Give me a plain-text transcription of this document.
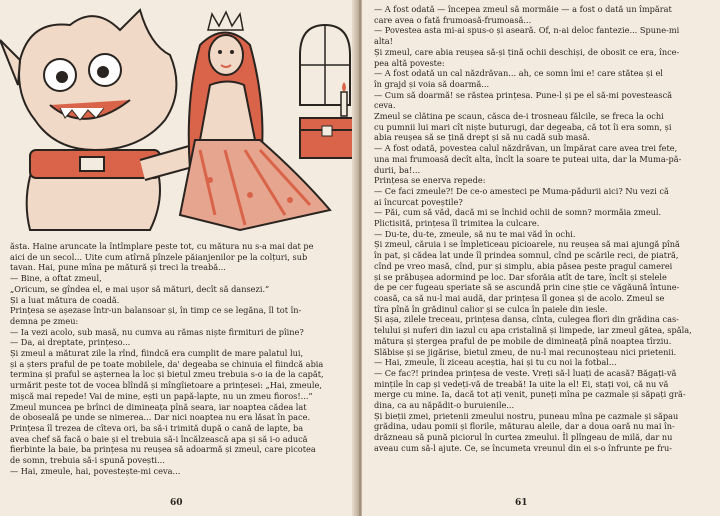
ăsta. Haine aruncate la întîmplare peste tot, cu mătura nu s-a mai dat pe

aici de un secol... Uite cum atîrnă pînzele păianjenilor pe la colțuri, sub

tavan. Hai, pune mîna pe mătură și treci la treabă...

— Bine, a oftat zmeul,

„Oricum, se gîndea el, e mai ușor să mături, decît să dansezi.”

Și a luat mătura de coadă.

Prințesa se așezase într-un balansoar și, în timp ce se legăna, îl tot în-

demna pe zmeu:

— Ia vezi acolo, sub masă, nu cumva au rămas niște firmituri de pîine?

— Da, ai dreptate, prințeso...

Și zmeul a măturat zile la rînd, fiindcă era cumplit de mare palatul lui,

și a șters praful de pe toate mobilele, da' degeaba se chinuia el fiindcă abia

termina și praful se așternea la loc și bietul zmeu trebuia s-o ia de la capăt,

urmărit peste tot de vocea blîndă și mîngîietoare a prințesei: „Hai, zmeule,

mișcă mai repede! Vai de mine, ești un papă-lapte, nu un zmeu fioros!...”

Zmeul muncea pe brînci de dimineața pînă seara, iar noaptea cădea lat

de oboseală pe unde se nimerea... Dar nici noaptea nu era lăsat în pace.

Prințesa îl trezea de cîteva ori, ba să-i trimită după o cană de lapte, ba

avea chef să facă o baie și el trebuia să-i încălzească apa și să i-o aducă

fierbinte la baie, ba prințesa nu reușea să adoarmă și zmeul, care picotea

de somn, trebuia să-i spună povești...

— Hai, zmeule, hai, povestește-mi ceva...

60

— A fost odată — începea zmeul să mormăie — a fost o dată un împărat

care avea o fată frumoasă-frumoasă...

— Povestea asta mi-ai spus-o și aseară. Of, n-ai deloc fantezie... Spune-mi

alta!

Și zmeul, care abia reușea să-și țină ochii deschiși, de obosit ce era, înce-

pea altă poveste:

— A fost odată un cal năzdrăvan... ah, ce somn îmi e! care stătea și el

în grajd și voia să doarmă...

— Cum să doarmă! se răstea prințesa. Pune-l și pe el să-mi povestească

ceva.

Zmeul se clătina pe scaun, căsca de-i trosneau fălcile, se freca la ochi

cu pumnii lui mari cît niște buturugi, dar degeaba, că tot îi era somn, și

abia reușea să se țină drept și să nu cadă sub masă.

— A fost odată, povestea calul năzdrăvan, un împărat care avea trei fete,

una mai frumoasă decît alta, încît la soare te puteai uita, dar la Muma-pă-

durii, ba!...

Prințesa se enerva repede:

— Ce faci zmeule?! De ce-o amesteci pe Muma-pădurii aici? Nu vezi că

ai încurcat poveștile?

— Păi, cum să văd, dacă mi se închid ochii de somn? mormăia zmeul.

Plictisită, prințesa îl trimitea la culcare.

— Du-te, du-te, zmeule, să nu te mai văd în ochi.

Și zmeul, căruia i se împleticeau picioarele, nu reușea să mai ajungă pînă

în pat, și cădea lat unde îl prindea somnul, cînd pe scările reci, de piatră,

cînd pe vreo masă, cînd, pur și simplu, abia păsea peste pragul camerei

și se prăbușea adormind pe loc. Dar sforăia atît de tare, încît și stelele

de pe cer fugeau speriate să se ascundă prin cine știe ce văgăună întune-

coasă, ca să nu-l mai audă, dar prințesa îl gonea și de acolo. Zmeul se

tîra pînă în grădinul calior și se culca în paiele din iesle.

Și așa, zilele treceau, prințesa dansa, cînta, culegea flori din grădina cas-

telului și nuferi din iazul cu apa cristalină și limpede, iar zmeul gătea, spăla,

mătura și ștergea praful de pe mobile de dimineață pînă noaptea tîrziu.

Slăbise și se jigărise, bietul zmeu, de nu-l mai recunoșteau nici prietenii.

— Hai, zmeule, îi ziceau aceștia, hai și tu cu noi la fotbal...

— Ce fac?! prindea prințesa de veste. Vreți să-l luați de acasă? Băgați-vă

mințile în cap și vedeți-vă de treabă! Ia uite la el! Ei, stați voi, că nu vă

merge cu mine. Ia, dacă tot ați venit, puneți mîna pe cazmale și săpați gră-

dina, ca au năpădit-o buruienile...

Și bieții zmei, prietenii zmeului nostru, puneau mîna pe cazmale și săpau

grădina, udau pomii și florile, măturau aleile, dar a doua oară nu mai în-

drăzneau să pună piciorul în curtea zmeului. Îl plîngeau de milă, dar nu

aveau cum să-l ajute. Ce, se încumeta vreunul din ei s-o înfrunte pe fru-

61
